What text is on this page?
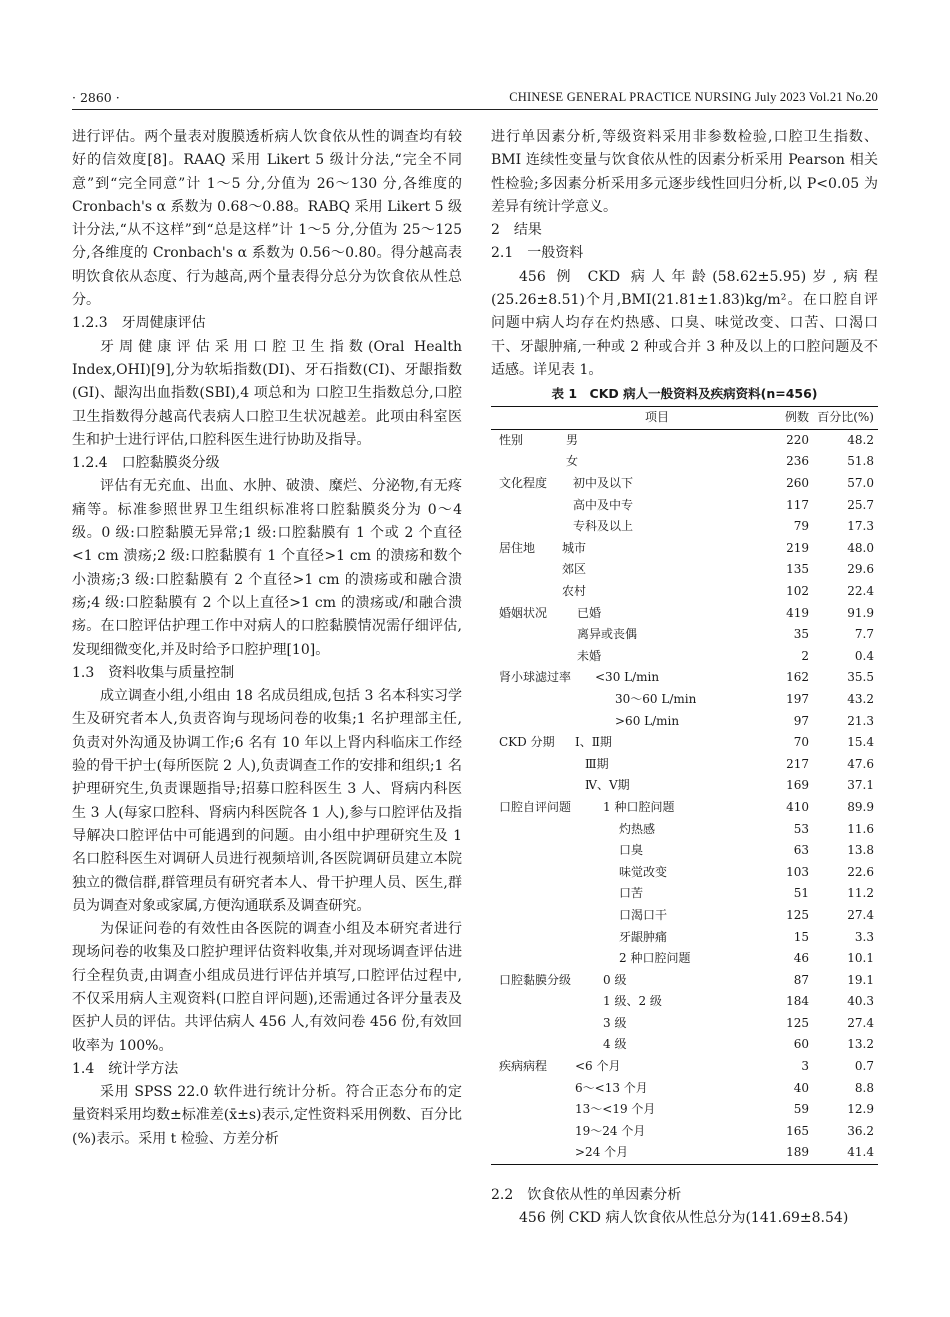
· 2860 ·	CHINESE GENERAL PRACTICE NURSING July 2023 Vol.21 No.20

进行评估。两个量表对腹膜透析病人饮食依从性的调查均有较好的信效度[8]。RAAQ 采用 Likert 5 级计分法,“完全不同意”到“完全同意”计 1～5 分,分值为 26～130 分,各维度的 Cronbach's α 系数为 0.68～0.88。RABQ 采用 Likert 5 级计分法,“从不这样”到“总是这样”计 1～5 分,分值为 25～125 分,各维度的 Cronbach's α 系数为 0.56～0.80。得分越高表明饮食依从态度、行为越高,两个量表得分总分为饮食依从性总分。

1.2.3　牙周健康评估

牙周健康评估采用口腔卫生指数(Oral Health Index,OHI)[9],分为软垢指数(DI)、牙石指数(CI)、牙龈指数(GI)、龈沟出血指数(SBI),4 项总和为 口腔卫生指数总分,口腔卫生指数得分越高代表病人口腔卫生状况越差。此项由科室医生和护士进行评估,口腔科医生进行协助及指导。

1.2.4　口腔黏膜炎分级

评估有无充血、出血、水肿、破溃、糜烂、分泌物,有无疼痛等。标准参照世界卫生组织标准将口腔黏膜炎分为 0～4 级。0 级:口腔黏膜无异常;1 级:口腔黏膜有 1 个或 2 个直径<1 cm 溃疡;2 级:口腔黏膜有 1 个直径>1 cm 的溃疡和数个小溃疡;3 级:口腔黏膜有 2 个直径>1 cm 的溃疡或和融合溃疡;4 级:口腔黏膜有 2 个以上直径>1 cm 的溃疡或/和融合溃疡。在口腔评估护理工作中对病人的口腔黏膜情况需仔细评估,发现细微变化,并及时给予口腔护理[10]。

1.3　资料收集与质量控制

成立调查小组,小组由 18 名成员组成,包括 3 名本科实习学生及研究者本人,负责咨询与现场问卷的收集;1 名护理部主任,负责对外沟通及协调工作;6 名有 10 年以上肾内科临床工作经验的骨干护士(每所医院 2 人),负责调查工作的安排和组织;1 名护理研究生,负责课题指导;招募口腔科医生 3 人、肾病内科医生 3 人(每家口腔科、肾病内科医院各 1 人),参与口腔评估及指导解决口腔评估中可能遇到的问题。由小组中护理研究生及 1 名口腔科医生对调研人员进行视频培训,各医院调研员建立本院独立的微信群,群管理员有研究者本人、骨干护理人员、医生,群员为调查对象或家属,方便沟通联系及调查研究。

为保证问卷的有效性由各医院的调查小组及本研究者进行现场问卷的收集及口腔护理评估资料收集,并对现场调查评估进行全程负责,由调查小组成员进行评估并填写,口腔评估过程中,不仅采用病人主观资料(口腔自评问题),还需通过各评分量表及医护人员的评估。共评估病人 456 人,有效问卷 456 份,有效回收率为 100%。

1.4　统计学方法

采用 SPSS 22.0 软件进行统计分析。符合正态分布的定量资料采用均数±标准差(x̄±s)表示,定性资料采用例数、百分比(%)表示。采用 t 检验、方差分析

进行单因素分析,等级资料采用非参数检验,口腔卫生指数、BMI 连续性变量与饮食依从性的因素分析采用 Pearson 相关性检验;多因素分析采用多元逐步线性回归分析,以 P<0.05 为差异有统计学意义。

2　结果

2.1　一般资料

456 例 CKD 病人年龄(58.62±5.95)岁,病程(25.26±8.51)个月,BMI(21.81±1.83)kg/m²。在口腔自评问题中病人均存在灼热感、口臭、味觉改变、口苦、口渴口干、牙龈肿痛,一种或 2 种或合并 3 种及以上的口腔问题及不适感。详见表 1。

表 1　CKD 病人一般资料及疾病资料(n=456)
项目	例数	百分比(%)
性别 男	220	48.2
女	236	51.8
文化程度 初中及以下	260	57.0
高中及中专	117	25.7
专科及以上	79	17.3
居住地 城市	219	48.0
郊区	135	29.6
农村	102	22.4
婚姻状况 已婚	419	91.9
离异或丧偶	35	7.7
未婚	2	0.4
肾小球滤过率 <30 L/min	162	35.5
30～60 L/min	197	43.2
>60 L/min	97	21.3
CKD 分期 Ⅰ、Ⅱ期	70	15.4
Ⅲ期	217	47.6
Ⅳ、Ⅴ期	169	37.1
口腔自评问题 1 种口腔问题	410	89.9
灼热感	53	11.6
口臭	63	13.8
味觉改变	103	22.6
口苦	51	11.2
口渴口干	125	27.4
牙龈肿痛	15	3.3
2 种口腔问题	46	10.1
口腔黏膜分级 0 级	87	19.1
1 级、2 级	184	40.3
3 级	125	27.4
4 级	60	13.2
疾病病程 <6 个月	3	0.7
6～<13 个月	40	8.8
13～<19 个月	59	12.9
19～24 个月	165	36.2
>24 个月	189	41.4

2.2　饮食依从性的单因素分析

456 例 CKD 病人饮食依从性总分为(141.69±8.54)
